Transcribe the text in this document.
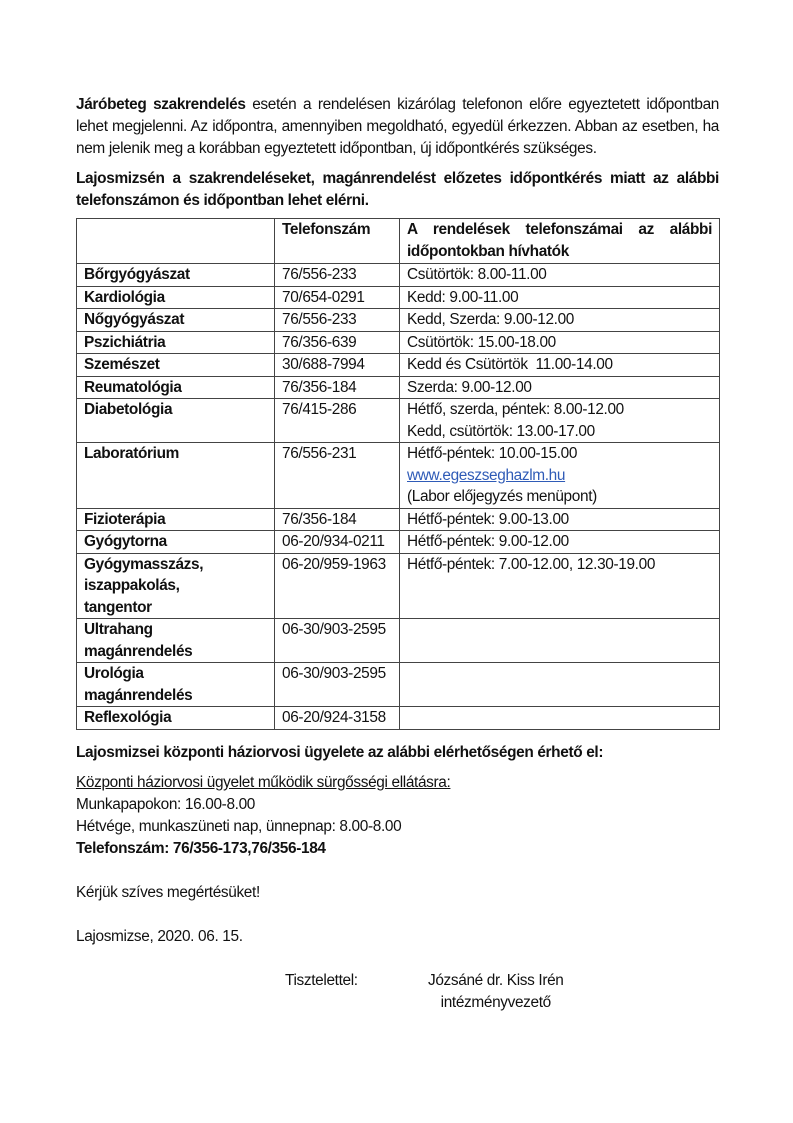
Járóbeteg szakrendelés esetén a rendelésen kizárólag telefonon előre egyeztetett időpontban lehet megjelenni. Az időpontra, amennyiben megoldható, egyedül érkezzen. Abban az esetben, ha nem jelenik meg a korábban egyeztetett időpontban, új időpontkérés szükséges.

Lajosmizsén a szakrendeléseket, magánrendelést előzetes időpontkérés miatt az alábbi telefonszámon és időpontban lehet elérni.

	Telefonszám	A rendelések telefonszámai az alábbi időpontokban hívhatók
Bőrgyógyászat	76/556-233	Csütörtök: 8.00-11.00
Kardiológia	70/654-0291	Kedd: 9.00-11.00
Nőgyógyászat	76/556-233	Kedd, Szerda: 9.00-12.00
Pszichiátria	76/356-639	Csütörtök: 15.00-18.00
Szemészet	30/688-7994	Kedd és Csütörtök  11.00-14.00
Reumatológia	76/356-184	Szerda: 9.00-12.00
Diabetológia	76/415-286	Hétfő, szerda, péntek: 8.00-12.00
Kedd, csütörtök: 13.00-17.00

Laboratórium	76/556-231	Hétfő-péntek: 10.00-15.00
www.egeszseghazlm.hu
(Labor előjegyzés menüpont)

Fizioterápia	76/356-184	Hétfő-péntek: 9.00-13.00
Gyógytorna	06-20/934-0211	Hétfő-péntek: 9.00-12.00

Gyógymasszázs,
iszappakolás,
tangentor	06-20/959-1963	Hétfő-péntek: 7.00-12.00, 12.30-19.00

Ultrahang
magánrendelés	06-30/903-2595	

Urológia
magánrendelés	06-30/903-2595	
Reflexológia	06-20/924-3158	

Lajosmizsei központi háziorvosi ügyelete az alábbi elérhetőségen érhető el:

Központi háziorvosi ügyelet működik sürgősségi ellátásra:

Munkapapokon: 16.00-8.00

Hétvége, munkaszüneti nap, ünnepnap: 8.00-8.00

Telefonszám: 76/356-173,76/356-184

Kérjük szíves megértésüket!

Lajosmizse, 2020. 06. 15.

Tisztelettel:	Józsáné dr. Kiss Irén

intézményvezető
